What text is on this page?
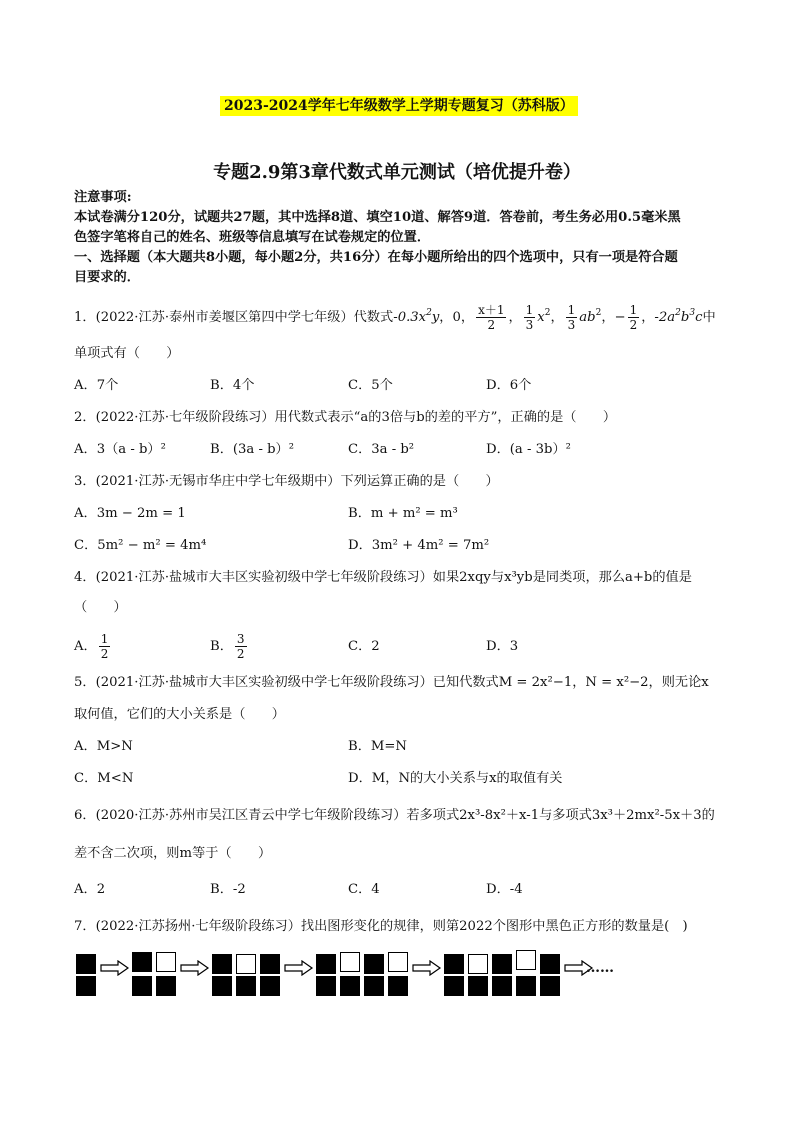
2023-2024学年七年级数学上学期专题复习（苏科版）
专题2.9第3章代数式单元测试（培优提升卷）
注意事项:
本试卷满分120分，试题共27题，其中选择8道、填空10道、解答9道．答卷前，考生务必用0.5毫米黑
色签字笔将自己的姓名、班级等信息填写在试卷规定的位置．
一、选择题（本大题共8小题，每小题2分，共16分）在每小题所给出的四个选项中，只有一项是符合题
目要求的．
1．(2022·江苏·泰州市姜堰区第四中学七年级）代数式$-0.3x^2y$，0， $\frac{x+1}{2}$ ， $\frac{1}{3} x^2$， $\frac{1}{3} ab^2$，− $\frac{1}{2}$ ，$-2a^2b^3c$中
单项式有（　　）
A．7个	B．4个	C．5个	D．6个
2．(2022·江苏·七年级阶段练习）用代数式表示“a的3倍与b的差的平方”，正确的是（　　）
A．3（a - b）²	B．(3a - b）²	C．3a - b²	D．(a - 3b）²
3．(2021·江苏·无锡市华庄中学七年级期中）下列运算正确的是（　　）
A．3m − 2m = 1	B．m + m² = m³
C．5m² − m² = 4m⁴	D．3m² + 4m² = 7m²
4．(2021·江苏·盐城市大丰区实验初级中学七年级阶段练习）如果2xqy与x³yb是同类项，那么a+b的值是
（　　）
A． $\frac{1}{2}$	B． $\frac{3}{2}$	C．2	D．3
5．(2021·江苏·盐城市大丰区实验初级中学七年级阶段练习）已知代数式M = 2x²−1，N = x²−2，则无论x
取何值，它们的大小关系是（　　）
A．M>N	B．M=N
C．M<N	D．M，N的大小关系与x的取值有关
6．(2020·江苏·苏州市吴江区青云中学七年级阶段练习）若多项式2x³-8x²＋x-1与多项式3x³＋2mx²-5x＋3的
差不含二次项，则m等于（　　）
A．2	B．-2	C．4	D．-4
7．(2022·江苏扬州·七年级阶段练习）找出图形变化的规律，则第2022个图形中黑色正方形的数量是(　)
……
